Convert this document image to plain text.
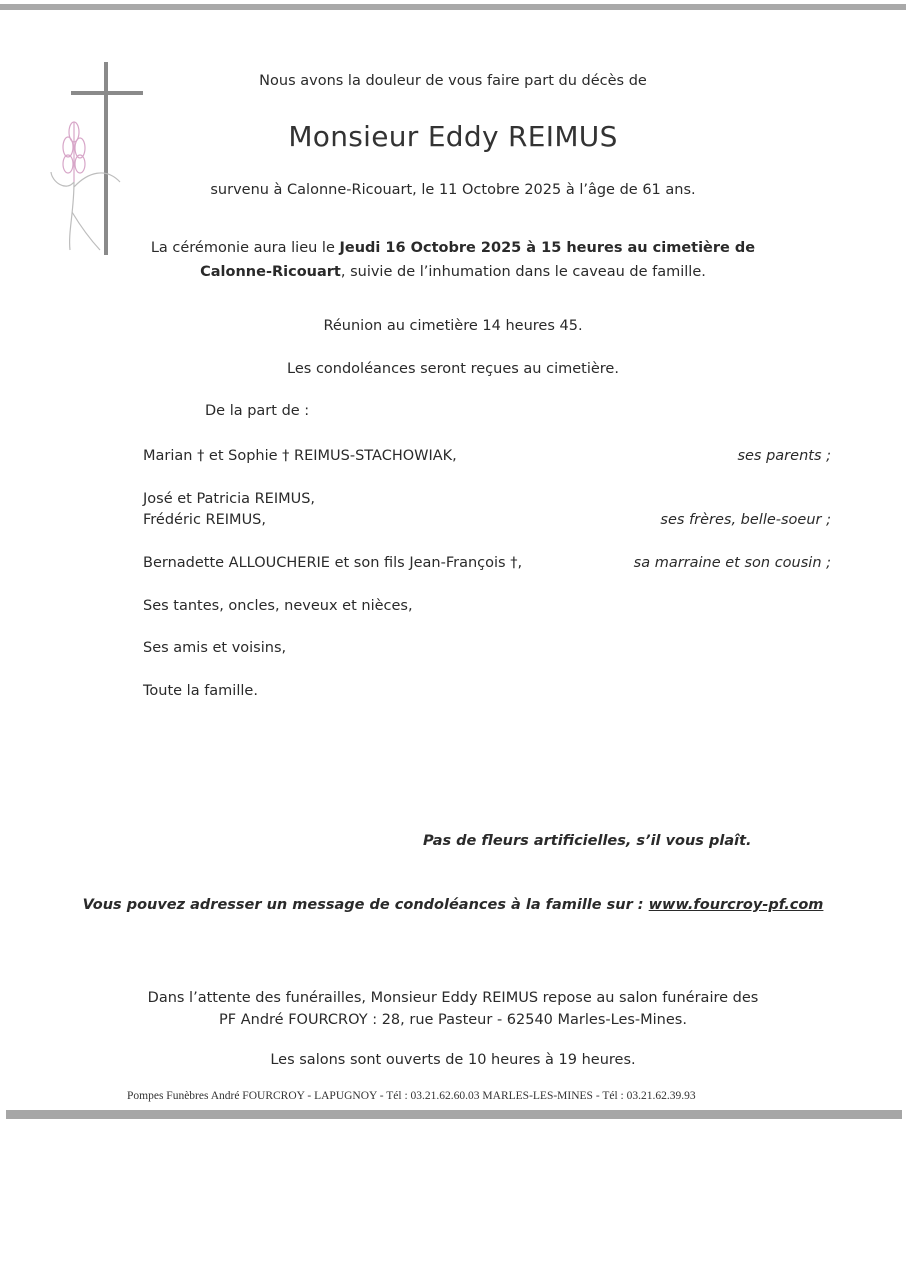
Nous avons la douleur de vous faire part du décès de
Monsieur Eddy REIMUS
survenu à Calonne-Ricouart, le 11 Octobre 2025 à l’âge de 61 ans.
La cérémonie aura lieu le Jeudi 16 Octobre 2025 à 15 heures au cimetière de
Calonne-Ricouart, suivie de l’inhumation dans le caveau de famille.
Réunion au cimetière 14 heures 45.
Les condoléances seront reçues au cimetière.
De la part de :
Marian † et Sophie † REIMUS-STACHOWIAK,	ses parents ;
José et Patricia REIMUS,
Frédéric REIMUS,	ses frères, belle-soeur ;
Bernadette ALLOUCHERIE et son fils Jean-François †,	sa marraine et son cousin ;
Ses tantes, oncles, neveux et nièces,
Ses amis et voisins,
Toute la famille.
Pas de fleurs artificielles, s’il vous plaît.
Vous pouvez adresser un message de condoléances à la famille sur : www.fourcroy-pf.com
Dans l’attente des funérailles, Monsieur Eddy REIMUS repose au salon funéraire des
PF André FOURCROY : 28, rue Pasteur - 62540 Marles-Les-Mines.
Les salons sont ouverts de 10 heures à 19 heures.
Pompes Funèbres André FOURCROY - LAPUGNOY - Tél : 03.21.62.60.03 MARLES-LES-MINES - Tél : 03.21.62.39.93
